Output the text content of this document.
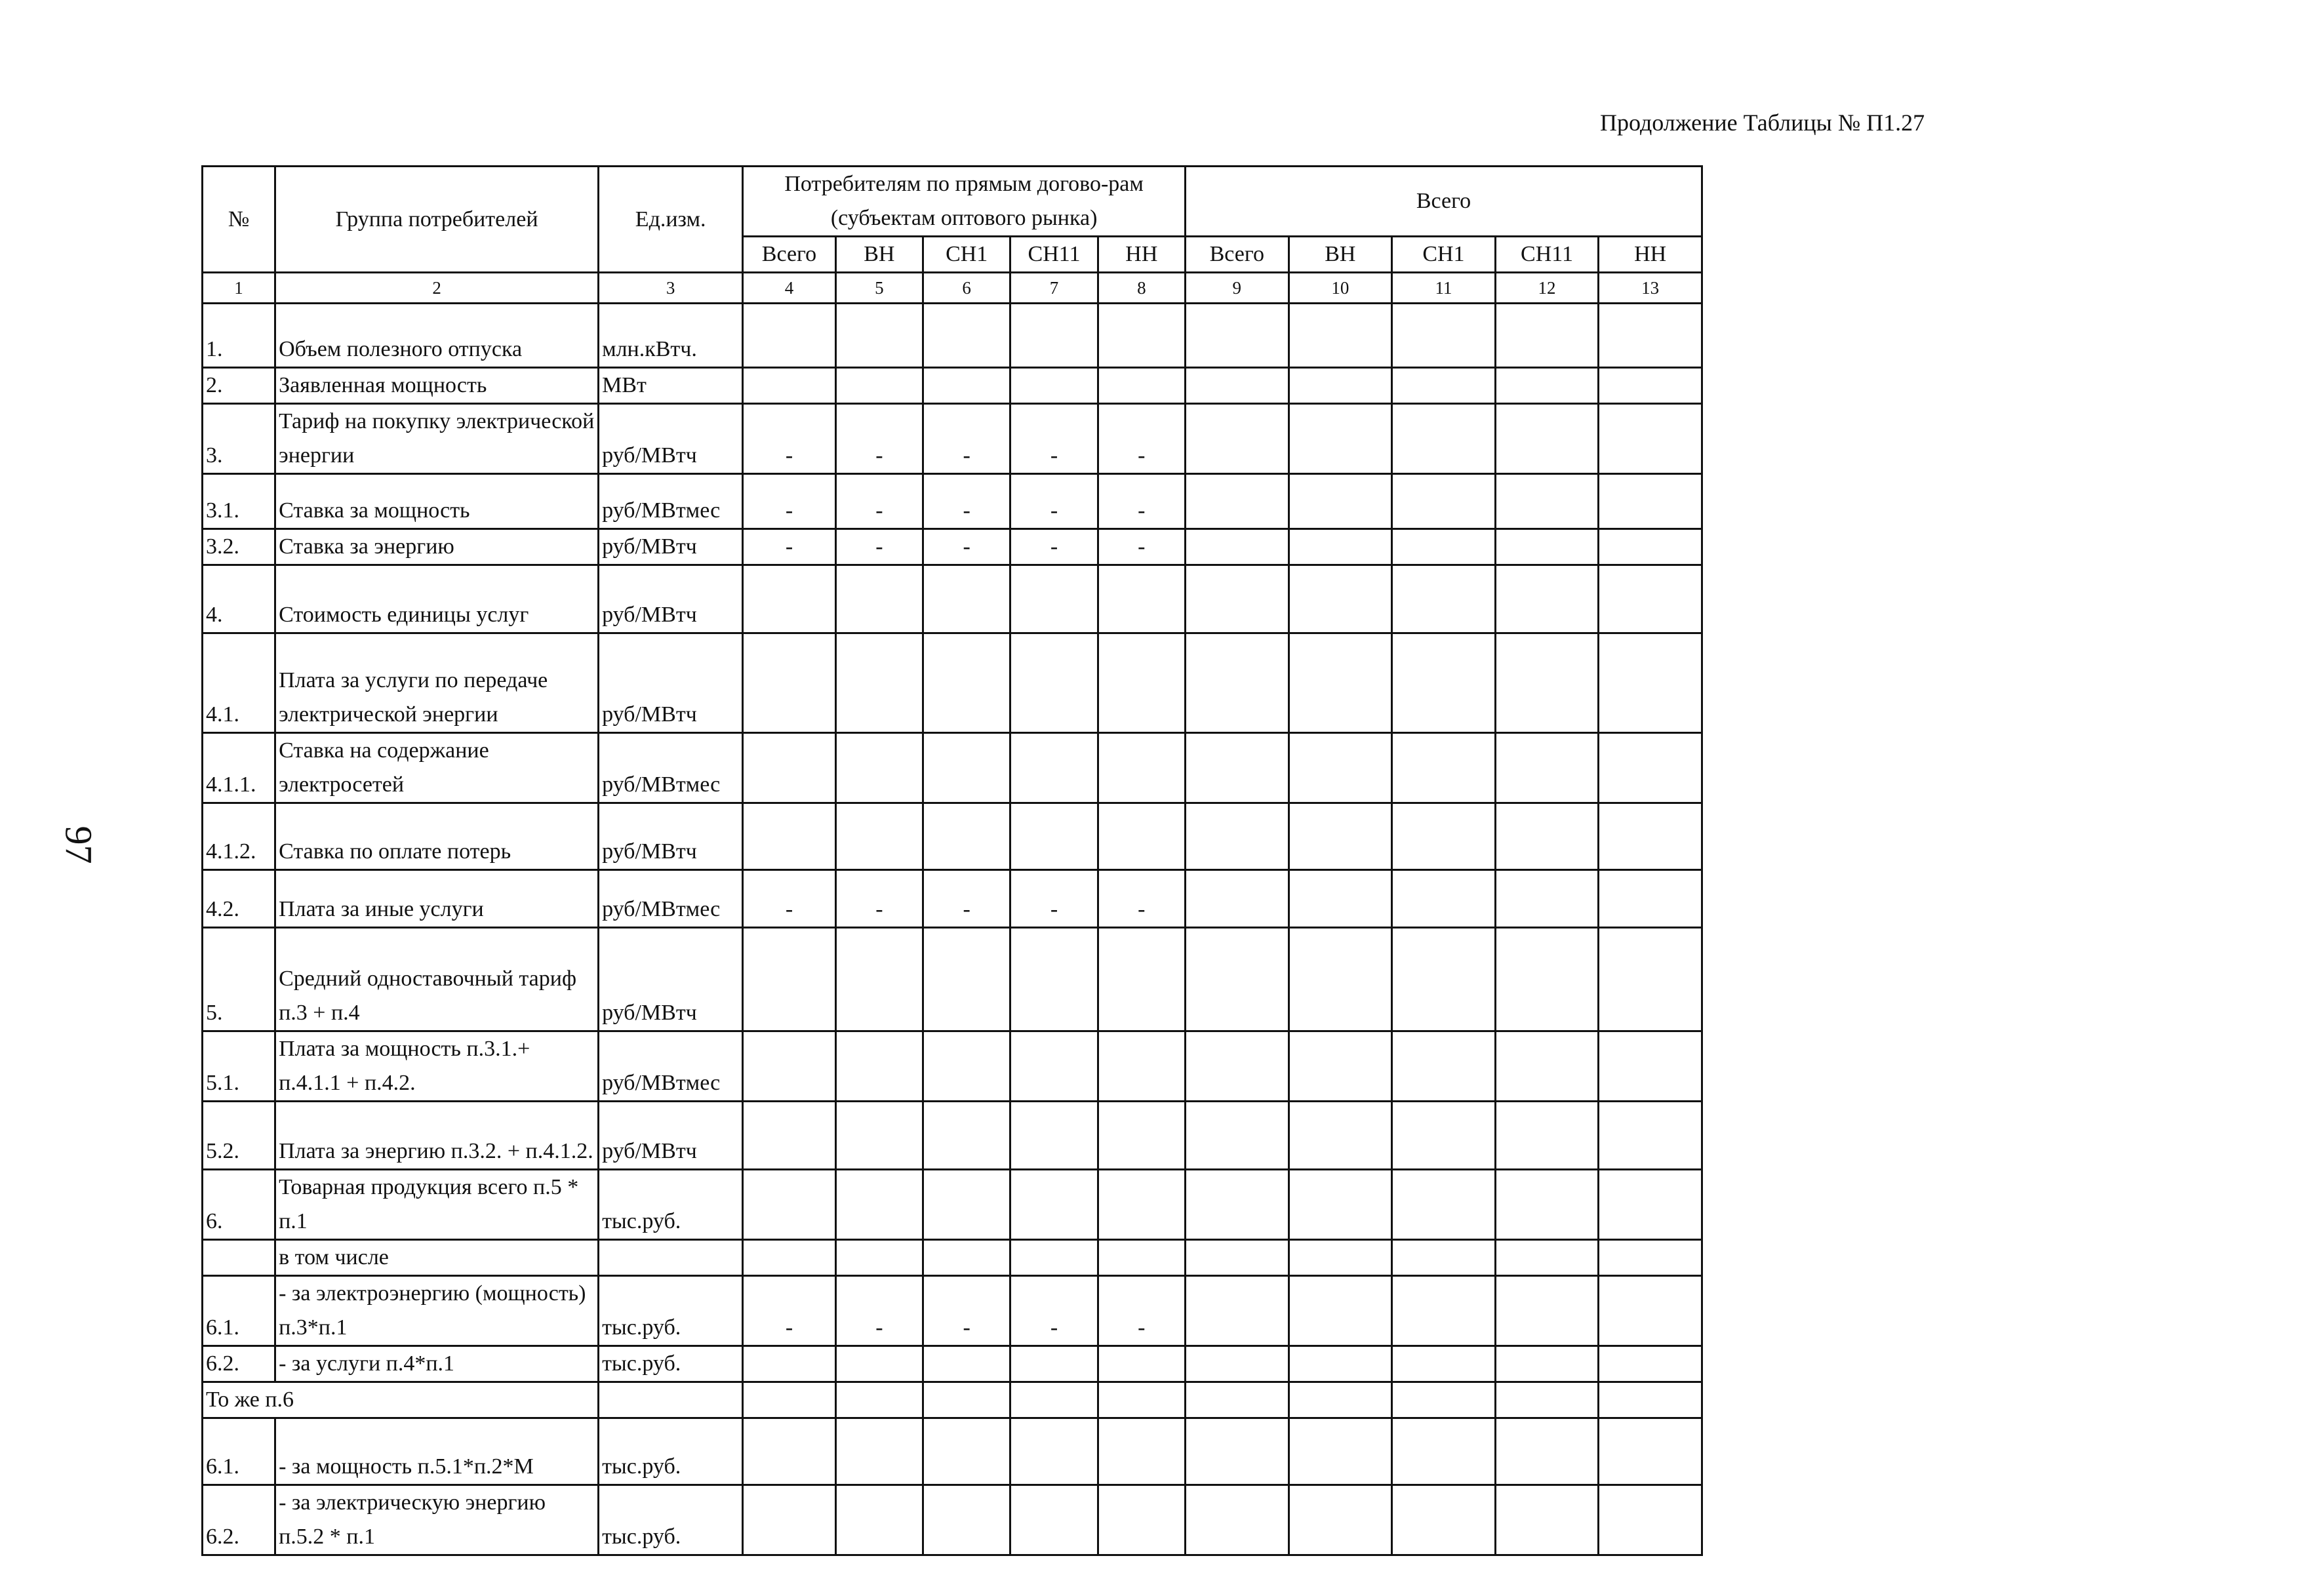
Продолжение Таблицы № П1.27
97
№	Группа потребителей	Ед.изм.	Потребителям по прямым догово-рам (субъектам оптового рынка)					Всего				
			Всего	ВН	СН1	СН11	НН	Всего	ВН	СН1	СН11	НН
1	2	3	4	5	6	7	8	9	10	11	12	13
1.	Объем полезного отпуска	млн.кВтч.										
2.	Заявленная мощность	МВт										
3.	Тариф на покупку электрической энергии	руб/МВтч	-	-	-	-	-					
3.1.	Ставка за мощность	руб/МВтмес	-	-	-	-	-					
3.2.	Ставка за энергию	руб/МВтч	-	-	-	-	-					
4.	Стоимость единицы услуг	руб/МВтч										
4.1.	Плата за услуги по передаче электрической энергии	руб/МВтч										
4.1.1.	Ставка на содержание электросетей	руб/МВтмес										
4.1.2.	Ставка по оплате потерь	руб/МВтч										
4.2.	Плата за иные услуги	руб/МВтмес	-	-	-	-	-					
5.	Средний одноставочный тариф п.3 + п.4	руб/МВтч										
5.1.	Плата за мощность п.3.1.+ п.4.1.1 + п.4.2.	руб/МВтмес										
5.2.	Плата за энергию п.3.2. + п.4.1.2.	руб/МВтч										
6.	Товарная продукция всего п.5 * п.1	тыс.руб.										
	в том числе											
6.1.	- за электроэнергию (мощность) п.3*п.1	тыс.руб.	-	-	-	-	-					
6.2.	- за услуги п.4*п.1	тыс.руб.										
То же п.6												
6.1.	- за мощность п.5.1*п.2*М	тыс.руб.										
6.2.	- за электрическую энергию п.5.2 * п.1	тыс.руб.										
